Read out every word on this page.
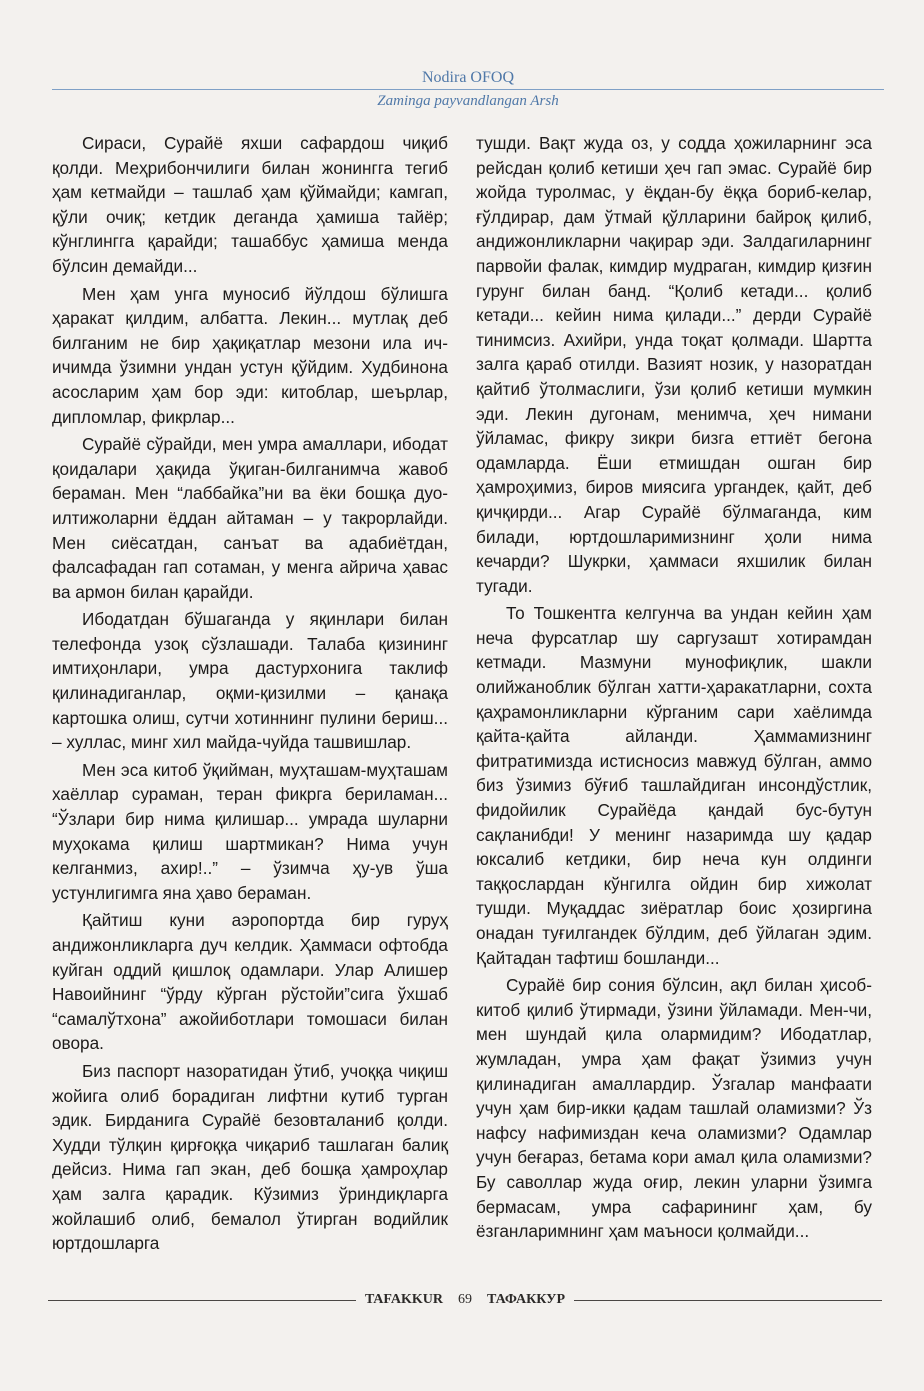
Nodira OFOQ
Zaminga payvandlangan Arsh

Сираси, Сурайё яхши сафардош чиқиб қолди. Меҳрибончилиги билан жонингга тегиб ҳам кетмайди – ташлаб ҳам қўймайди; камгап, қўли очиқ; кетдик деганда ҳамиша тайёр; кўнглингга қарайди; ташаббус ҳамиша менда бўлсин демайди...

Мен ҳам унга муносиб йўлдош бўлишга ҳаракат қилдим, албатта. Лекин... мутлақ деб билганим не бир ҳақиқатлар мезони ила ич-ичимда ўзимни ундан устун қўйдим. Худбинона асосларим ҳам бор эди: китоблар, шеърлар, дипломлар, фикрлар...

Сурайё сўрайди, мен умра амаллари, ибодат қоидалари ҳақида ўқиган-билганимча жавоб бераман. Мен “лаббайка”ни ва ёки бошқа дуо-илтижоларни ёддан айтаман – у такрорлайди. Мен сиёсатдан, санъат ва адабиётдан, фалсафадан гап сотаман, у менга айрича ҳавас ва армон билан қарайди.

Ибодатдан бўшаганда у яқинлари билан телефонда узоқ сўзлашади. Талаба қизининг имтиҳонлари, умра дастурхонига таклиф қилинадиганлар, оқми-қизилми – қанақа картошка олиш, сутчи хотиннинг пулини бериш... – хуллас, минг хил майда-чуйда ташвишлар.

Мен эса китоб ўқийман, муҳташам-муҳташам хаёллар сураман, теран фикрга бериламан... “Ўзлари бир нима қилишар... умрада шуларни муҳокама қилиш шартмикан? Нима учун келганмиз, ахир!..” – ўзимча ҳу-ув ўша устунлигимга яна ҳаво бераман.

Қайтиш куни аэропортда бир гуруҳ андижонликларга дуч келдик. Ҳаммаси офтобда куйган оддий қишлоқ одамлари. Улар Алишер Навоийнинг “ўрду кўрган рўстойи”сига ўхшаб “самалўтхона” ажойиботлари томошаси билан овора.

Биз паспорт назоратидан ўтиб, учоққа чиқиш жойига олиб борадиган лифтни кутиб турган эдик. Бирданига Сурайё безовталаниб қолди. Худди тўлқин қирғоққа чиқариб ташлаган балиқ дейсиз. Нима гап экан, деб бошқа ҳамроҳлар ҳам залга қарадик. Кўзимиз ўриндиқларга жойлашиб олиб, бемалол ўтирган водийлик юртдошларга

тушди. Вақт жуда оз, у содда ҳожиларнинг эса рейсдан қолиб кетиши ҳеч гап эмас. Сурайё бир жойда туролмас, у ёқдан-бу ёққа бориб-келар, ғўлдирар, дам ўтмай қўлларини байроқ қилиб, андижонликларни чақирар эди. Залдагиларнинг парвойи фалак, кимдир мудраган, кимдир қизғин гурунг билан банд. “Қолиб кетади... қолиб кетади... кейин нима қилади...” дерди Сурайё тинимсиз. Ахийри, унда тоқат қолмади. Шартта залга қараб отилди. Вазият нозик, у назоратдан қайтиб ўтолмаслиги, ўзи қолиб кетиши мумкин эди. Лекин дугонам, менимча, ҳеч нимани ўйламас, фикру зикри бизга еттиёт бегона одамларда. Ёши етмишдан ошган бир ҳамроҳимиз, биров миясига ургандек, қайт, деб қичқирди... Агар Сурайё бўлмаганда, ким билади, юртдошларимизнинг ҳоли нима кечарди? Шукрки, ҳаммаси яхшилик билан тугади.

То Тошкентга келгунча ва ундан кейин ҳам неча фурсатлар шу саргузашт хотирамдан кетмади. Мазмуни мунофиқлик, шакли олийжаноблик бўлган хатти-ҳаракатларни, сохта қаҳрамонликларни кўрганим сари хаёлимда қайта-қайта айланди. Ҳаммамизнинг фитратимизда истисносиз мавжуд бўлган, аммо биз ўзимиз бўғиб ташлайдиган инсондўстлик, фидойилик Сурайёда қандай бус-бутун сақланибди! У менинг назаримда шу қадар юксалиб кетдики, бир неча кун олдинги таққослардан кўнгилга ойдин бир хижолат тушди. Муқаддас зиёратлар боис ҳозиргина онадан туғилгандек бўлдим, деб ўйлаган эдим. Қайтадан тафтиш бошланди...

Сурайё бир сония бўлсин, ақл билан ҳисоб-китоб қилиб ўтирмади, ўзини ўйламади. Мен-чи, мен шундай қила олармидим? Ибодатлар, жумладан, умра ҳам фақат ўзимиз учун қилинадиган амаллардир. Ўзгалар манфаати учун ҳам бир-икки қадам ташлай оламизми? Ўз нафсу нафимиздан кеча оламизми? Одамлар учун беғараз, бетама кори амал қила оламизми? Бу саволлар жуда оғир, лекин уларни ўзимга бермасам, умра сафарининг ҳам, бу ёзганларимнинг ҳам маъноси қолмайди...

TAFAKKUR	69	ТАФАККУР
